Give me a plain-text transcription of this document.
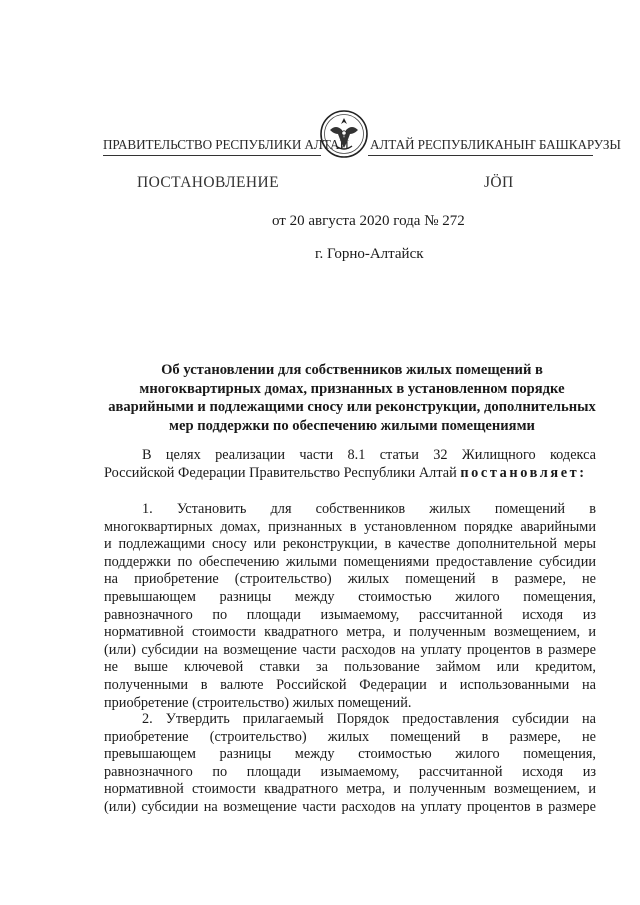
ПРАВИТЕЛЬСТВО РЕСПУБЛИКИ АЛТАЙ АЛТАЙ РЕСПУБЛИКАНЫҤ БАШКАРУЗЫ
ПОСТАНОВЛЕНИЕ	ЈÖП
от 20 августа 2020 года № 272
г. Горно-Алтайск
Об установлении для собственников жилых помещений в
многоквартирных домах, признанных в установленном порядке
аварийными и подлежащими сносу или реконструкции, дополнительных
мер поддержки по обеспечению жилыми помещениями
В целях реализации части 8.1 статьи 32 Жилищного кодекса
Российской Федерации Правительство Республики Алтай постановляет:
1. Установить для собственников жилых помещений в
многоквартирных домах, признанных в установленном порядке аварийными
и подлежащими сносу или реконструкции, в качестве дополнительной меры
поддержки по обеспечению жилыми помещениями предоставление субсидии
на приобретение (строительство) жилых помещений в размере, не
превышающем разницы между стоимостью жилого помещения,
равнозначного по площади изымаемому, рассчитанной исходя из
нормативной стоимости квадратного метра, и полученным возмещением, и
(или) субсидии на возмещение части расходов на уплату процентов в размере
не выше ключевой ставки за пользование займом или кредитом,
полученными в валюте Российской Федерации и использованными на
приобретение (строительство) жилых помещений.
2. Утвердить прилагаемый Порядок предоставления субсидии на
приобретение (строительство) жилых помещений в размере, не
превышающем разницы между стоимостью жилого помещения,
равнозначного по площади изымаемому, рассчитанной исходя из
нормативной стоимости квадратного метра, и полученным возмещением, и
(или) субсидии на возмещение части расходов на уплату процентов в размере
